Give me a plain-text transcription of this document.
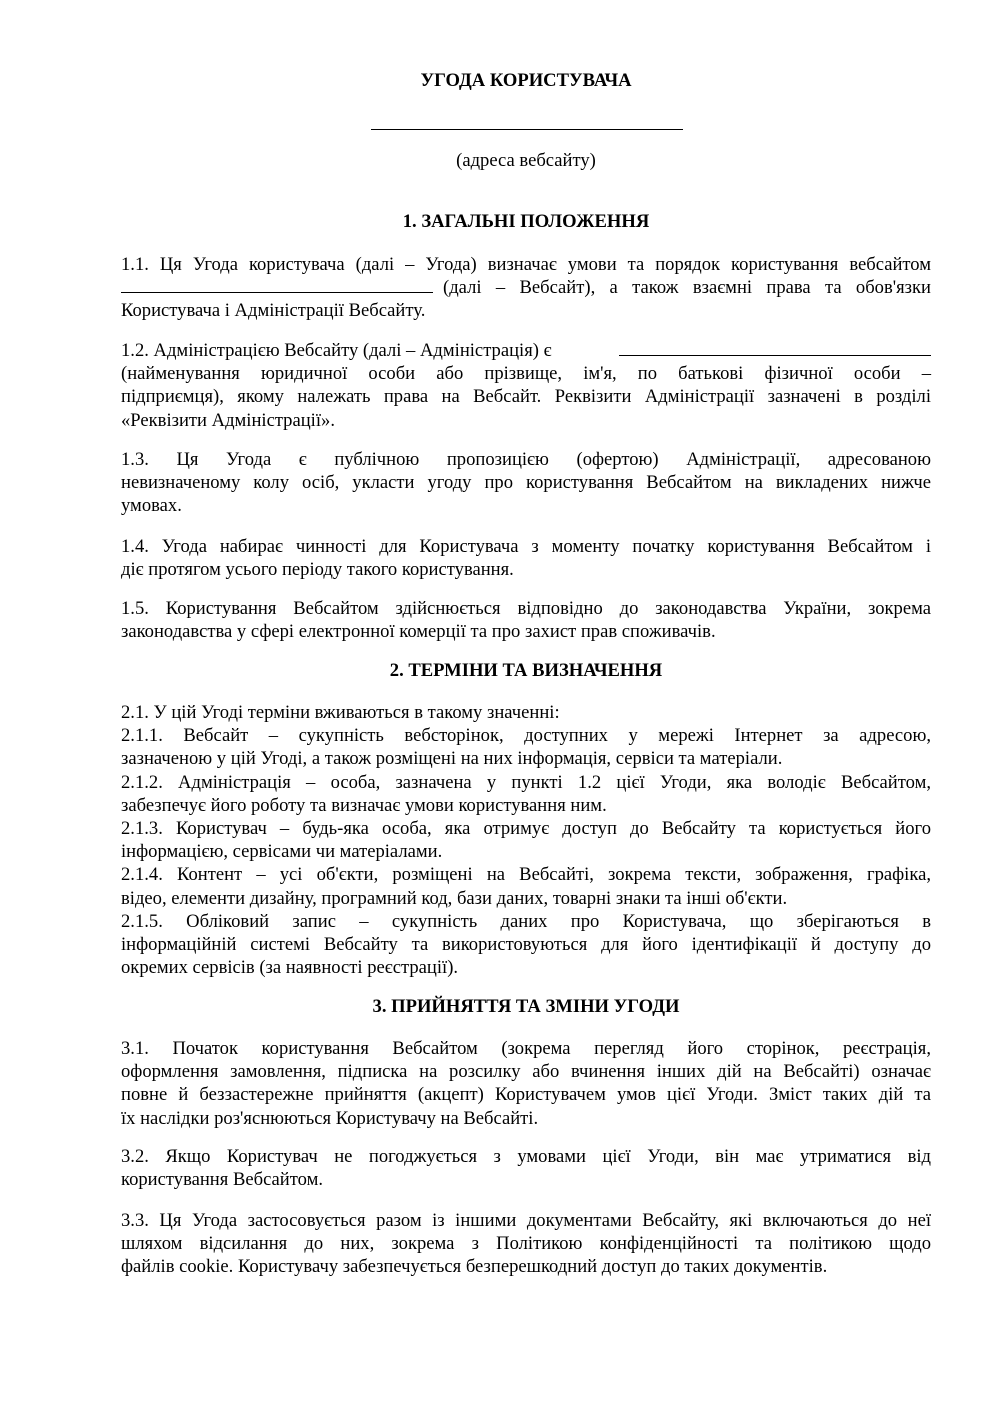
УГОДА КОРИСТУВАЧА
(адреса вебсайту)
1. ЗАГАЛЬНІ ПОЛОЖЕННЯ
1.1. Ця Угода користувача (далі – Угода) визначає умови та порядок користування вебсайтом
(далі – Вебсайт), а також взаємні права та обов'язки
Користувача і Адміністрації Вебсайту.
1.2. Адміністрацією Вебсайту (далі – Адміністрація) є
(найменування юридичної особи або прізвище, ім'я, по батькові фізичної особи –
підприємця), якому належать права на Вебсайт. Реквізити Адміністрації зазначені в розділі
«Реквізити Адміністрації».
1.3. Ця Угода є публічною пропозицією (офертою) Адміністрації, адресованою
невизначеному колу осіб, укласти угоду про користування Вебсайтом на викладених нижче
умовах.
1.4. Угода набирає чинності для Користувача з моменту початку користування Вебсайтом і
діє протягом усього періоду такого користування.
1.5. Користування Вебсайтом здійснюється відповідно до законодавства України, зокрема
законодавства у сфері електронної комерції та про захист прав споживачів.
2. ТЕРМІНИ ТА ВИЗНАЧЕННЯ
2.1. У цій Угоді терміни вживаються в такому значенні:
2.1.1. Вебсайт – сукупність вебсторінок, доступних у мережі Інтернет за адресою,
зазначеною у цій Угоді, а також розміщені на них інформація, сервіси та матеріали.
2.1.2. Адміністрація – особа, зазначена у пункті 1.2 цієї Угоди, яка володіє Вебсайтом,
забезпечує його роботу та визначає умови користування ним.
2.1.3. Користувач – будь-яка особа, яка отримує доступ до Вебсайту та користується його
інформацією, сервісами чи матеріалами.
2.1.4. Контент – усі об'єкти, розміщені на Вебсайті, зокрема тексти, зображення, графіка,
відео, елементи дизайну, програмний код, бази даних, товарні знаки та інші об'єкти.
2.1.5. Обліковий запис – сукупність даних про Користувача, що зберігаються в
інформаційній системі Вебсайту та використовуються для його ідентифікації й доступу до
окремих сервісів (за наявності реєстрації).
3. ПРИЙНЯТТЯ ТА ЗМІНИ УГОДИ
3.1. Початок користування Вебсайтом (зокрема перегляд його сторінок, реєстрація,
оформлення замовлення, підписка на розсилку або вчинення інших дій на Вебсайті) означає
повне й беззастережне прийняття (акцепт) Користувачем умов цієї Угоди. Зміст таких дій та
їх наслідки роз'яснюються Користувачу на Вебсайті.
3.2. Якщо Користувач не погоджується з умовами цієї Угоди, він має утриматися від
користування Вебсайтом.
3.3. Ця Угода застосовується разом із іншими документами Вебсайту, які включаються до неї
шляхом відсилання до них, зокрема з Політикою конфіденційності та політикою щодо
файлів cookie. Користувачу забезпечується безперешкодний доступ до таких документів.
